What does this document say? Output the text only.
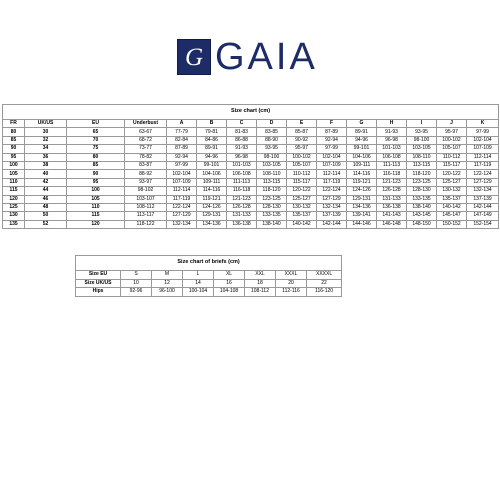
G GAIA
Size chart (cm)														
FR	UK/US	EU	Underbust	A	B	C	D	E	F	G	H	I	J	K
80	30	65	63-67	77-79	79-81	81-83	83-85	85-87	87-89	89-91	91-93	93-95	95-97	97-99
85	32	70	68-72	82-84	84-86	86-88	88-90	90-92	92-94	94-96	96-98	98-100	100-102	102-104
90	34	75	73-77	87-89	89-91	91-93	93-95	95-97	97-99	99-101	101-103	103-105	105-107	107-109
95	36	80	78-82	92-94	94-96	96-98	98-100	100-102	102-104	104-106	106-108	108-110	110-112	112-114
100	38	85	83-87	97-99	99-101	101-103	103-105	105-107	107-109	109-111	111-113	113-115	115-117	117-119
105	40	90	88-92	102-104	104-106	106-108	108-110	110-112	112-114	114-116	116-118	118-120	120-122	122-124
110	42	95	93-97	107-109	109-111	111-113	113-115	115-117	117-119	119-121	121-123	123-125	125-127	127-129
115	44	100	98-102	112-114	114-116	116-118	118-120	120-122	122-124	124-126	126-128	128-130	130-132	132-134
120	46	105	103-107	117-119	119-121	121-123	123-125	125-127	127-129	129-131	131-133	133-135	135-137	137-139
125	48	110	108-112	122-124	124-126	126-128	128-130	130-132	132-134	134-136	136-138	138-140	140-142	142-144
130	50	115	113-117	127-129	129-131	131-133	133-135	135-137	137-139	139-141	141-143	143-145	145-147	147-149
135	52	120	118-122	132-134	134-136	136-138	138-140	140-142	142-144	144-146	146-148	148-150	150-152	152-154
Size chart of briefs (cm)							
Size EU	S	M	L	XL	XXL	XXXL	XXXXL
Size UK/US	10	12	14	16	18	20	22
Hips	92-96	96-100	100-104	104-108	108-112	112-116	116-120
